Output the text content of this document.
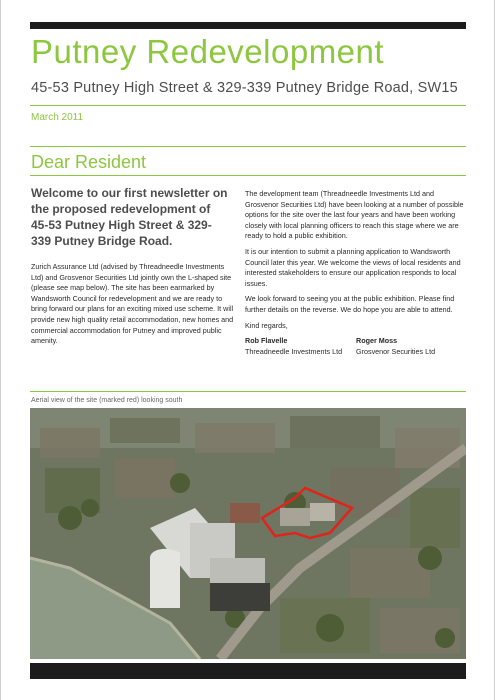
Putney Redevelopment
45-53 Putney High Street & 329-339 Putney Bridge Road, SW15
March 2011
Dear Resident
Welcome to our first newsletter on the proposed redevelopment of 45-53 Putney High Street & 329-339 Putney Bridge Road.

Zurich Assurance Ltd (advised by Threadneedle Investments Ltd) and Grosvenor Securities Ltd jointly own the L-shaped site (please see map below). The site has been earmarked by Wandsworth Council for redevelopment and we are ready to bring forward our plans for an exciting mixed use scheme. It will provide new high quality retail accommodation, new homes and commercial accommodation for Putney and improved public amenity.

The development team (Threadneedle Investments Ltd and Grosvenor Securities Ltd) have been looking at a number of possible options for the site over the last four years and have been working closely with local planning officers to reach this stage where we are ready to hold a public exhibition.

It is our intention to submit a planning application to Wandsworth Council later this year. We welcome the views of local residents and interested stakeholders to ensure our application responds to local issues.

We look forward to seeing you at the public exhibition. Please find further details on the reverse. We do hope you are able to attend.

Kind regards,

Rob Flavelle
Threadneedle Investments Ltd
Roger Moss
Grosvenor Securities Ltd
Aerial view of the site (marked red) looking south
